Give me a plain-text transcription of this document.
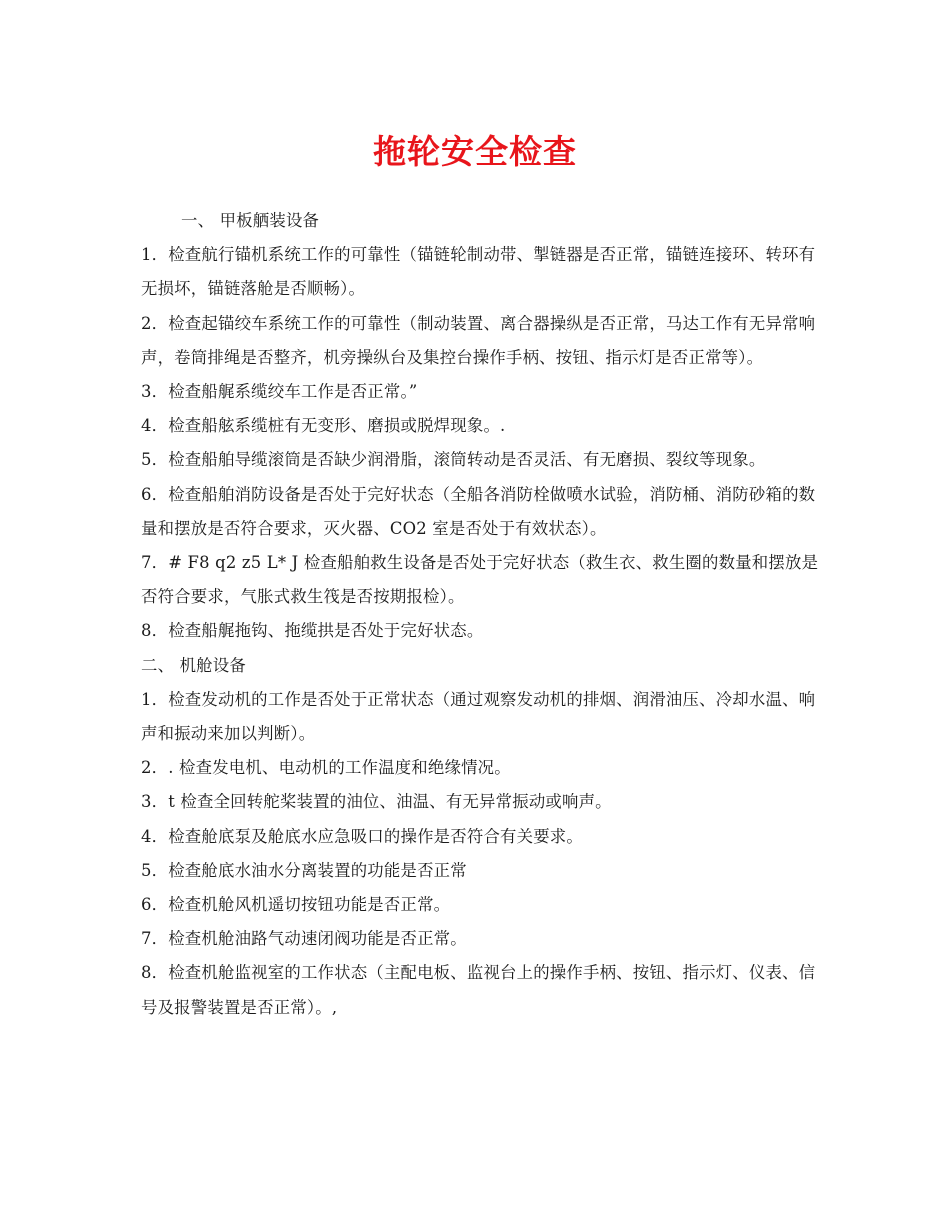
拖轮安全检查

一、 甲板舾装设备

1．检查航行锚机系统工作的可靠性（锚链轮制动带、掣链器是否正常，锚链连接环、转环有无损坏，锚链落舱是否顺畅）。

2．检查起锚绞车系统工作的可靠性（制动装置、离合器操纵是否正常，马达工作有无异常响声，卷筒排绳是否整齐，机旁操纵台及集控台操作手柄、按钮、指示灯是否正常等）。

3．检查船艉系缆绞车工作是否正常。”

4．检查船舷系缆桩有无变形、磨损或脱焊现象。.

5．检查船舶导缆滚筒是否缺少润滑脂，滚筒转动是否灵活、有无磨损、裂纹等现象。

6．检查船舶消防设备是否处于完好状态（全船各消防栓做喷水试验，消防桶、消防砂箱的数量和摆放是否符合要求，灭火器、CO2 室是否处于有效状态）。

7．# F8 q2 z5 L* J 检查船舶救生设备是否处于完好状态（救生衣、救生圈的数量和摆放是否符合要求，气胀式救生筏是否按期报检）。

8．检查船艉拖钩、拖缆拱是否处于完好状态。

二、 机舱设备

1．检查发动机的工作是否处于正常状态（通过观察发动机的排烟、润滑油压、冷却水温、响声和振动来加以判断）。

2．. 检查发电机、电动机的工作温度和绝缘情况。

3．t 检查全回转舵桨装置的油位、油温、有无异常振动或响声。

4．检查舱底泵及舱底水应急吸口的操作是否符合有关要求。

5．检查舱底水油水分离装置的功能是否正常

6．检查机舱风机遥切按钮功能是否正常。

7．检查机舱油路气动速闭阀功能是否正常。

8．检查机舱监视室的工作状态（主配电板、监视台上的操作手柄、按钮、指示灯、仪表、信号及报警装置是否正常）。,
